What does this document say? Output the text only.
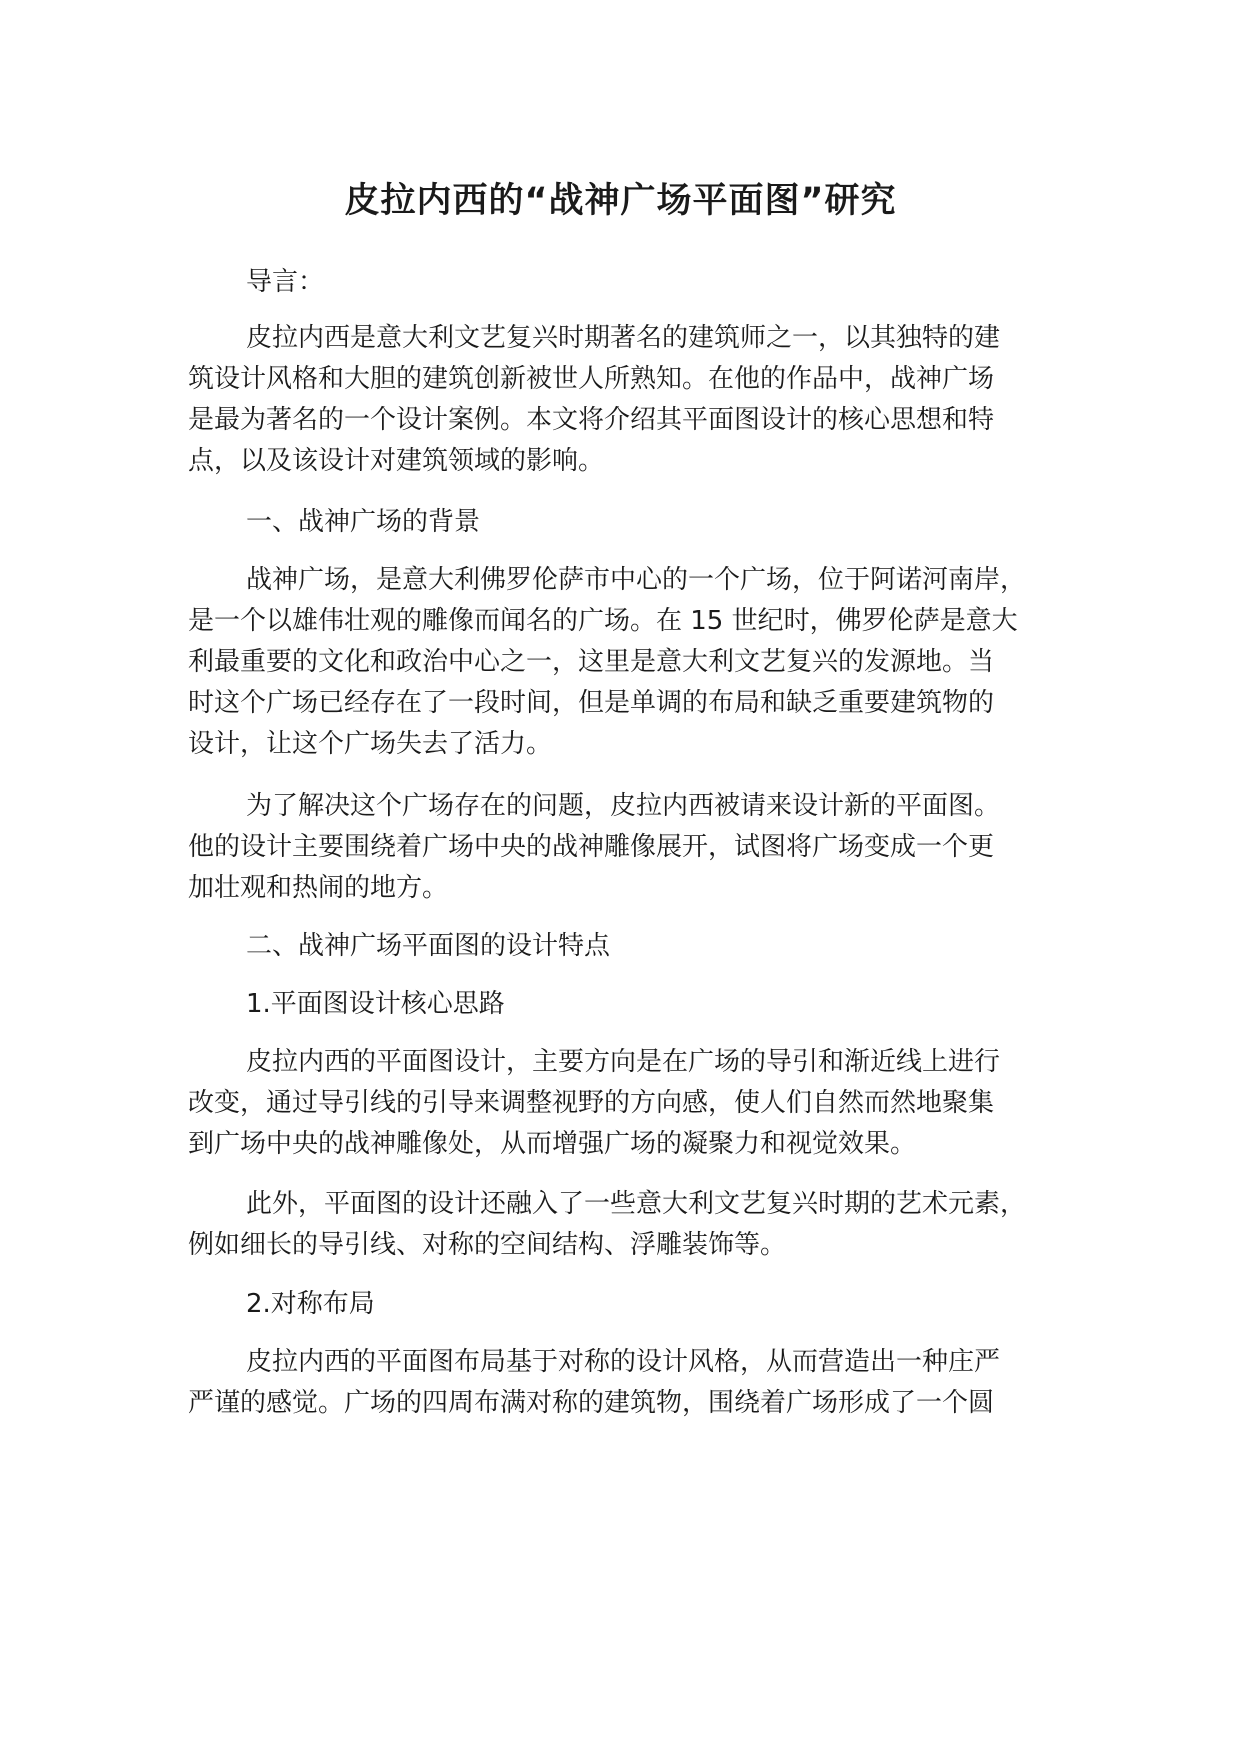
皮拉内西的“战神广场平面图”研究

导言：

皮拉内西是意大利文艺复兴时期著名的建筑师之一，以其独特的建
筑设计风格和大胆的建筑创新被世人所熟知。在他的作品中，战神广场
是最为著名的一个设计案例。本文将介绍其平面图设计的核心思想和特
点，以及该设计对建筑领域的影响。

一、战神广场的背景

战神广场，是意大利佛罗伦萨市中心的一个广场，位于阿诺河南岸，
是一个以雄伟壮观的雕像而闻名的广场。在 15 世纪时，佛罗伦萨是意大
利最重要的文化和政治中心之一，这里是意大利文艺复兴的发源地。当
时这个广场已经存在了一段时间，但是单调的布局和缺乏重要建筑物的
设计，让这个广场失去了活力。

为了解决这个广场存在的问题，皮拉内西被请来设计新的平面图。
他的设计主要围绕着广场中央的战神雕像展开，试图将广场变成一个更
加壮观和热闹的地方。

二、战神广场平面图的设计特点

1.平面图设计核心思路

皮拉内西的平面图设计，主要方向是在广场的导引和渐近线上进行
改变，通过导引线的引导来调整视野的方向感，使人们自然而然地聚集
到广场中央的战神雕像处，从而增强广场的凝聚力和视觉效果。

此外，平面图的设计还融入了一些意大利文艺复兴时期的艺术元素，
例如细长的导引线、对称的空间结构、浮雕装饰等。

2.对称布局

皮拉内西的平面图布局基于对称的设计风格，从而营造出一种庄严
严谨的感觉。广场的四周布满对称的建筑物，围绕着广场形成了一个圆
